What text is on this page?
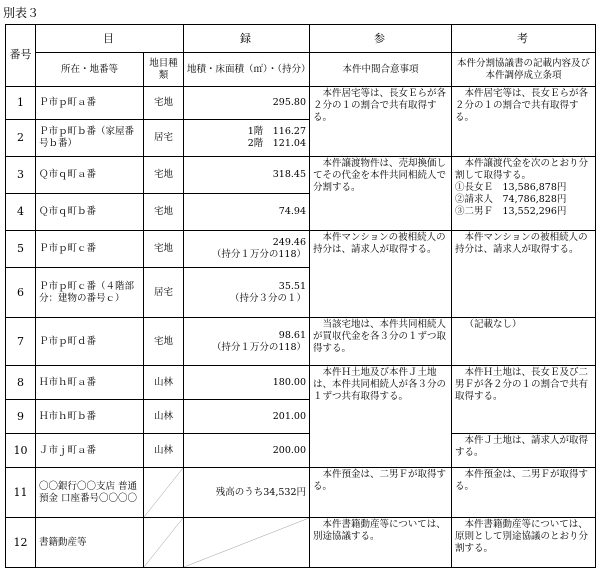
別表３
番号	目		録	参	考
	所在・地番等	地目種類	地積・床面積（㎡）・（持分）	本件中間合意事項	本件分割協議書の記載内容及び本件調停成立条項
1	Ｐ市ｐ町ａ番	宅地	295.80	本件居宅等は、長女Ｅらが各２分の１の割合で共有取得する。	本件居宅等は、長女Ｅらが各２分の１の割合で共有取得する。
2	Ｐ市ｐ町ｂ番（家屋番号ｂ番）	居宅	1階　116.27
2階　121.04		

3	Ｑ市ｑ町ａ番	宅地	318.45	本件譲渡物件は、売却換価してその代金を本件共同相続人で分割する。	本件譲渡代金を次のとおり分割して取得する。
①長女Ｅ　13,586,878円
②請求人　74,786,828円
③二男Ｆ　13,552,296円

4	Ｑ市ｑ町ｂ番	宅地	74.94		
5	Ｐ市ｐ町ｃ番	宅地	249.46
（持分１万分の118）	本件マンションの被相続人の持分は、請求人が取得する。	本件マンションの被相続人の持分は、請求人が取得する。
6	Ｐ市ｐ町ｃ番（４階部分：建物の番号ｃ）	居宅	35.51
（持分３分の１）		

7	Ｐ市ｐ町ｄ番	宅地	98.61
（持分１万分の118）	当該宅地は、本件共同相続人が買収代金を各３分の１ずつ取得する。	（記載なし）
8	Ｈ市ｈ町ａ番	山林	180.00	本件Ｈ土地及び本件Ｊ土地は、本件共同相続人が各３分の１ずつ共有取得する。	本件Ｈ土地は、長女Ｅ及び二男Ｆが各２分の１の割合で共有取得する。
9	Ｈ市ｈ町ｂ番	山林	201.00		
10	Ｊ市ｊ町ａ番	山林	200.00		本件Ｊ土地は、請求人が取得する。
11	〇〇銀行〇〇支店 普通預金 口座番号〇〇〇〇		残高のうち34,532円	本件預金は、二男Ｆが取得する。	本件預金は、二男Ｆが取得する。
12	書籍動産等			本件書籍動産等については、別途協議する。	本件書籍動産等については、原則として別途協議のとおり分割する。
